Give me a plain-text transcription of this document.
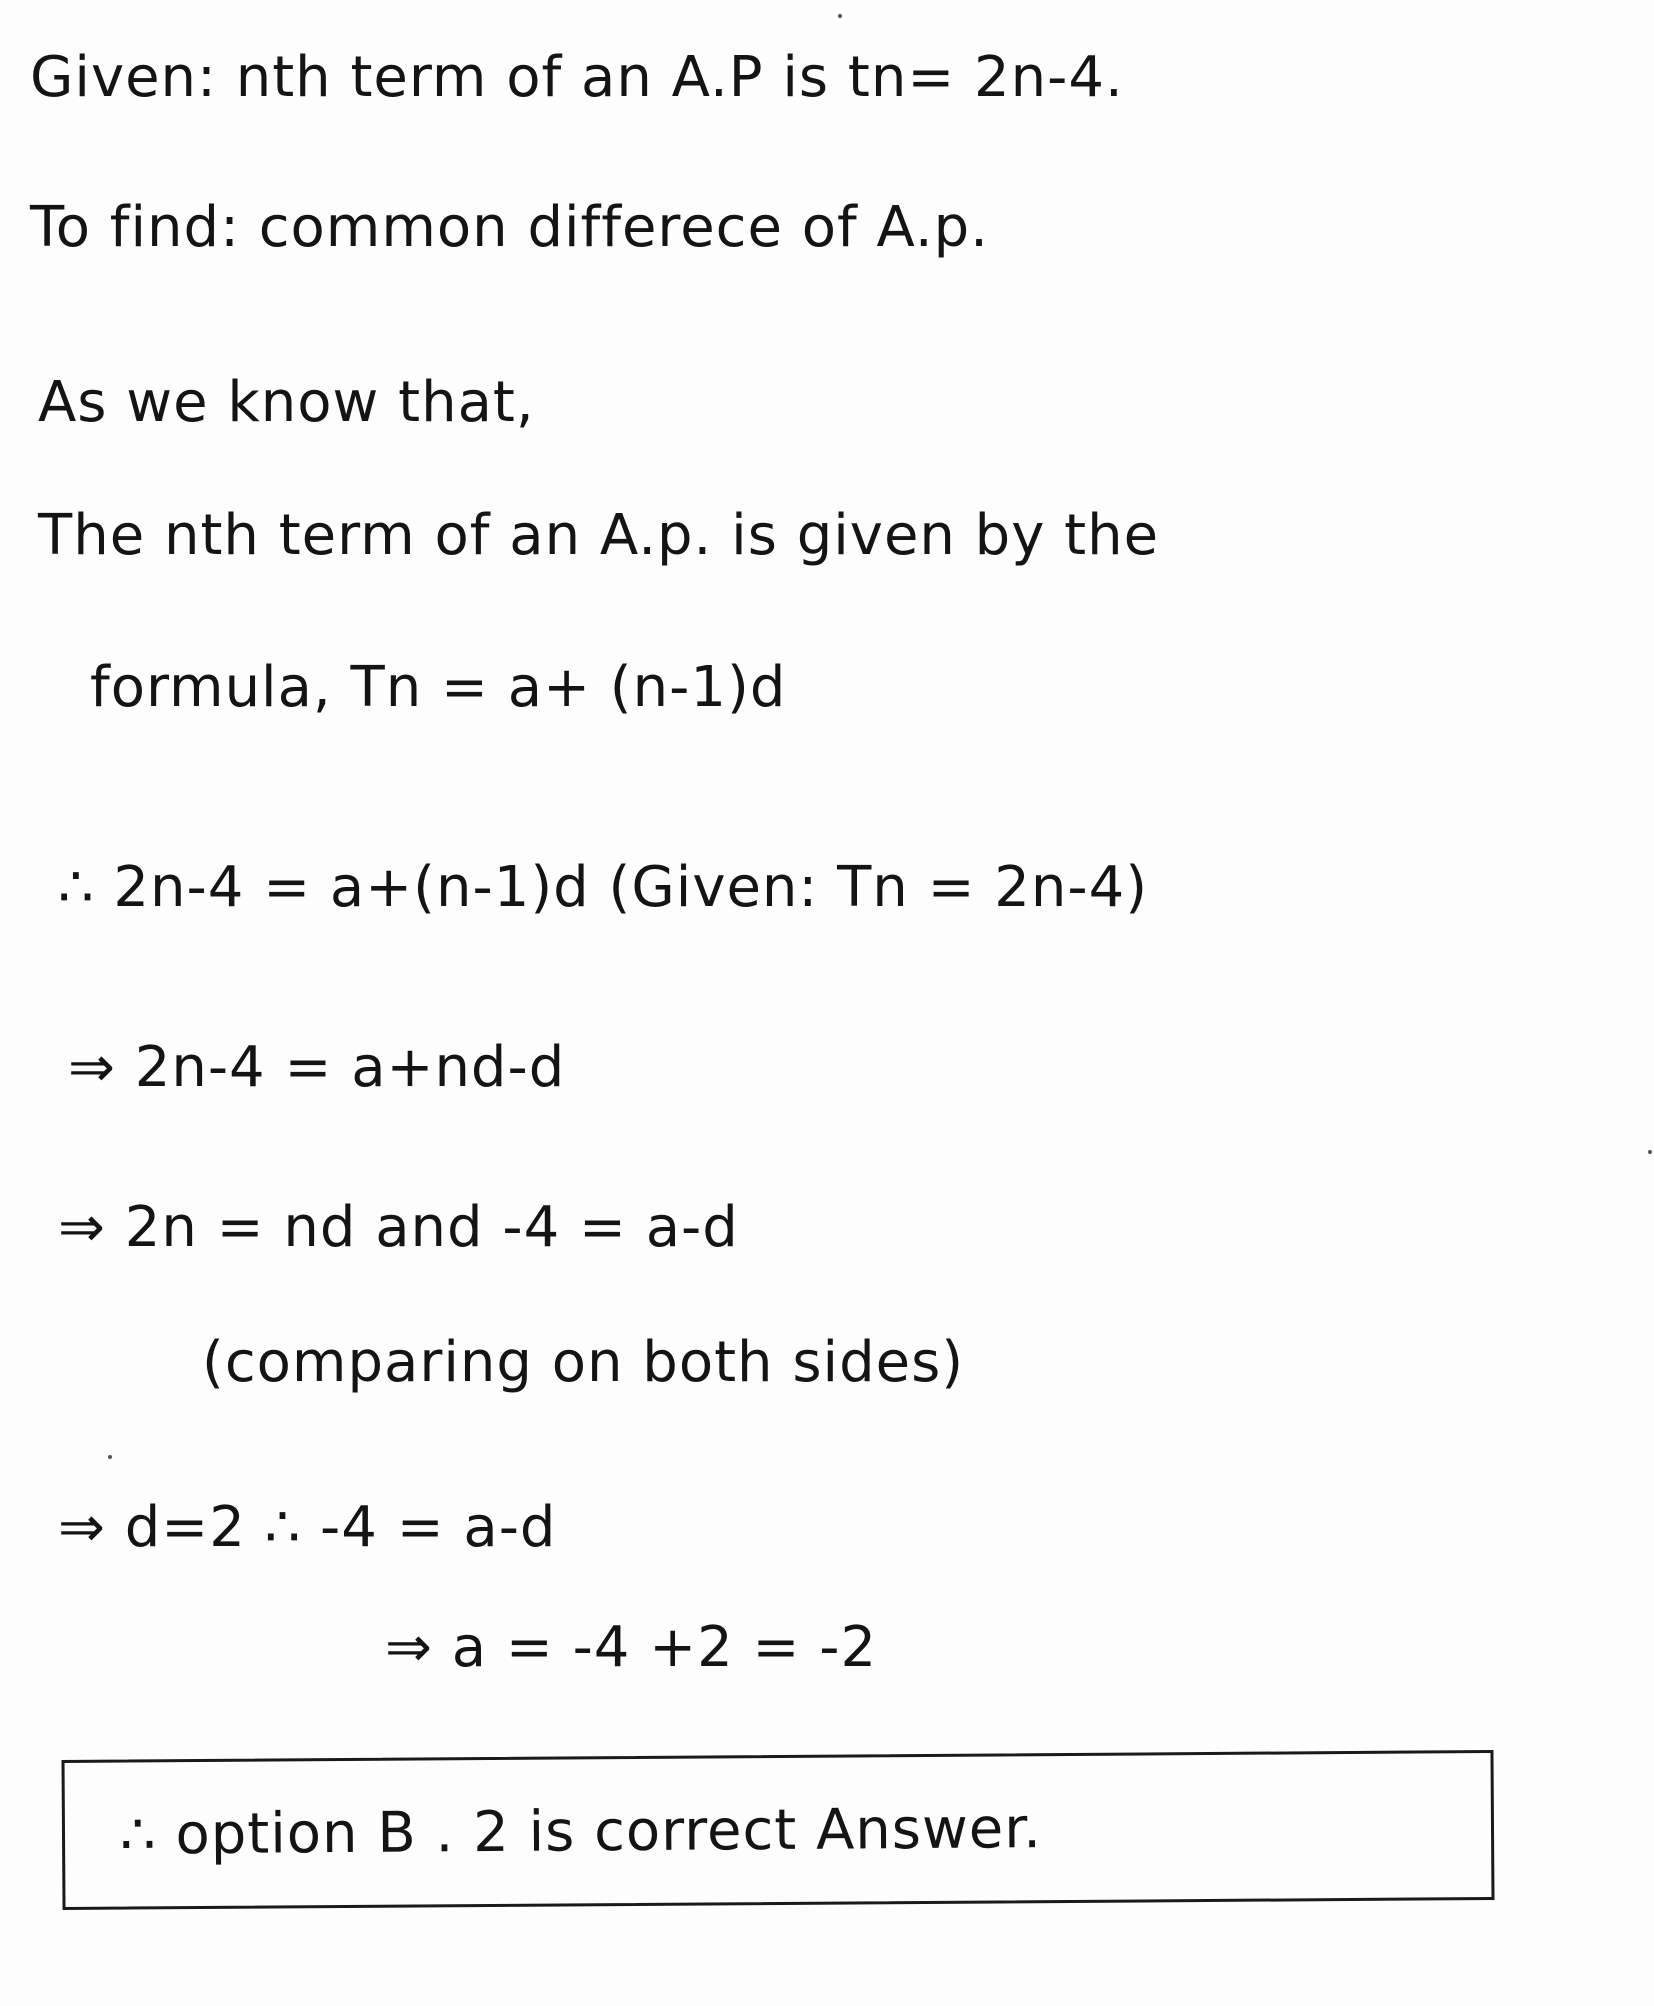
Given: nth term of an A.P is tn= 2n-4.
To find: common differece of A.p.
As we know that,
The nth term of an A.p. is given by the
formula, Tn = a+ (n-1)d
∴ 2n-4 = a+(n-1)d (Given: Tn = 2n-4)
⇒ 2n-4 = a+nd-d
⇒ 2n = nd and -4 = a-d
(comparing on both sides)
⇒ d=2 ∴ -4 = a-d
⇒ a = -4 +2 = -2
∴ option B . 2 is correct Answer.
